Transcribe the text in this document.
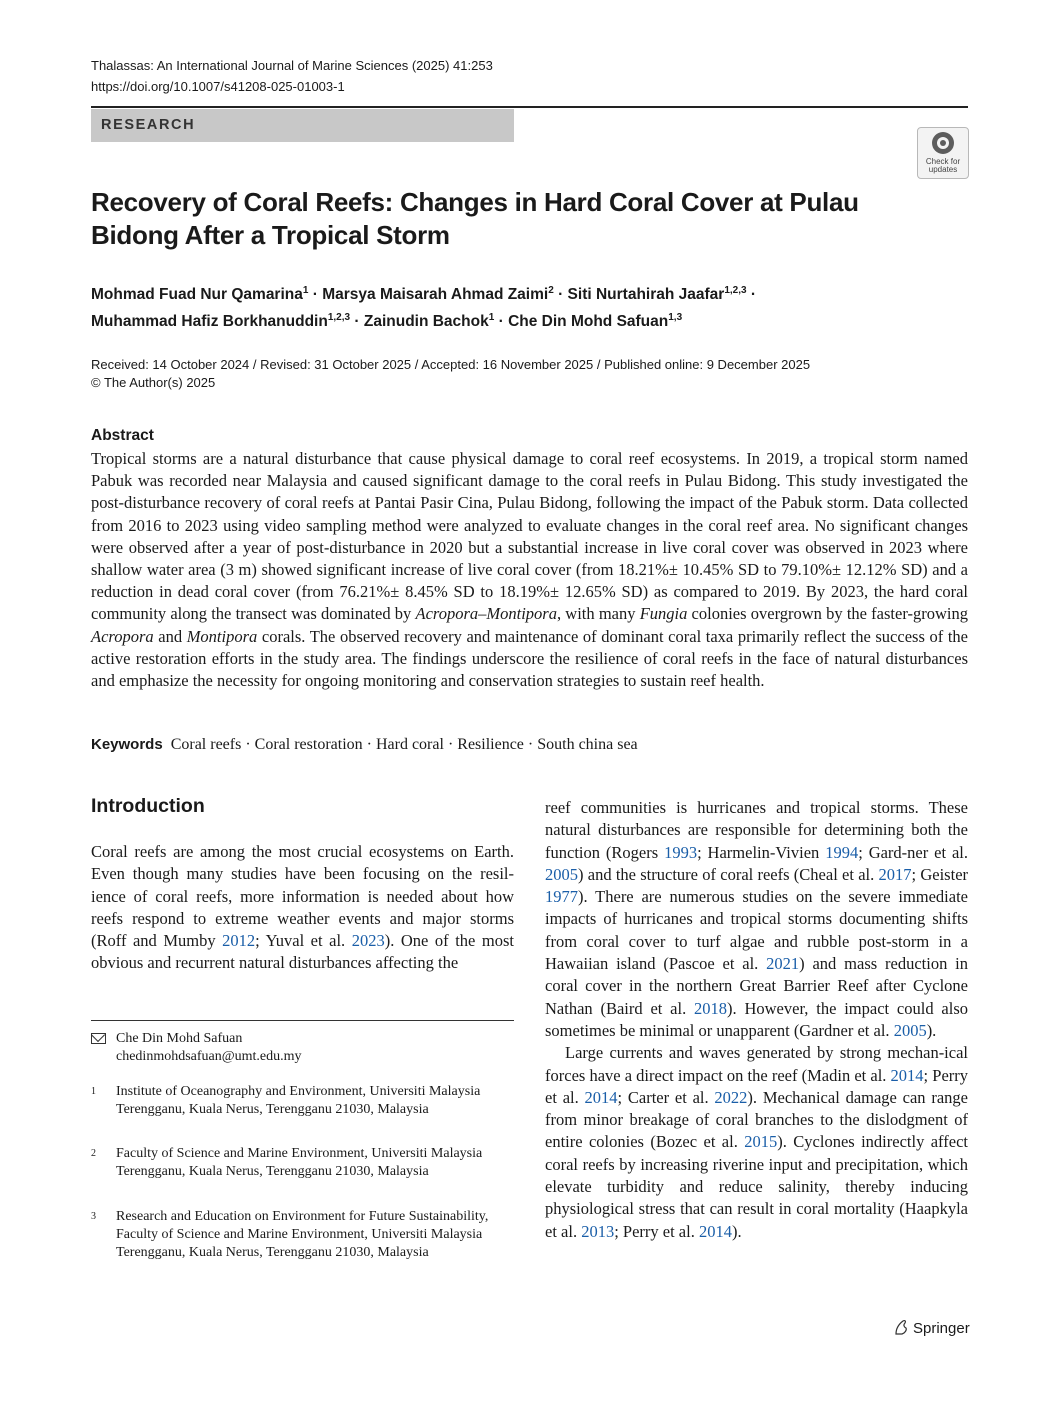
Thalassas: An International Journal of Marine Sciences (2025) 41:253
https://doi.org/10.1007/s41208-025-01003-1
RESEARCH
Check for updates
Recovery of Coral Reefs: Changes in Hard Coral Cover at Pulau Bidong After a Tropical Storm
Mohmad Fuad Nur Qamarina$^1$ · Marsya Maisarah Ahmad Zaimi$^2$ · Siti Nurtahirah Jaafar$^{1,2,3}$ ·
Muhammad Hafiz Borkhanuddin$^{1,2,3}$ · Zainudin Bachok$^1$ · Che Din Mohd Safuan$^{1,3}$
Received: 14 October 2024 / Revised: 31 October 2025 / Accepted: 16 November 2025 / Published online: 9 December 2025
© The Author(s) 2025
Abstract
Tropical storms are a natural disturbance that cause physical damage to coral reef ecosystems. In 2019, a tropical storm named Pabuk was recorded near Malaysia and caused significant damage to the coral reefs in Pulau Bidong. This study investigated the post-disturbance recovery of coral reefs at Pantai Pasir Cina, Pulau Bidong, following the impact of the Pabuk storm. Data collected from 2016 to 2023 using video sampling method were analyzed to evaluate changes in the coral reef area. No significant changes were observed after a year of post-disturbance in 2020 but a substantial increase in live coral cover was observed in 2023 where shallow water area (3 m) showed significant increase of live coral cover (from 18.21%± 10.45% SD to 79.10%± 12.12% SD) and a reduction in dead coral cover (from 76.21%± 8.45% SD to 18.19%± 12.65% SD) as compared to 2019. By 2023, the hard coral community along the transect was dominated by Acropora–Montipora, with many Fungia colonies overgrown by the faster-growing Acropora and Montipora corals. The observed recovery and maintenance of dominant coral taxa primarily reflect the success of the active restoration efforts in the study area. The findings underscore the resilience of coral reefs in the face of natural disturbances and emphasize the necessity for ongoing monitoring and conservation strategies to sustain reef health.
Keywords Coral reefs · Coral restoration · Hard coral · Resilience · South china sea
Introduction
Coral reefs are among the most crucial ecosystems on Earth. Even though many studies have been focusing on the resil-ience of coral reefs, more information is needed about how reefs respond to extreme weather events and major storms (Roff and Mumby 2012; Yuval et al. 2023). One of the most obvious and recurrent natural disturbances affecting the

reef communities is hurricanes and tropical storms. These natural disturbances are responsible for determining both the function (Rogers 1993; Harmelin-Vivien 1994; Gard-ner et al. 2005) and the structure of coral reefs (Cheal et al. 2017; Geister 1977). There are numerous studies on the severe immediate impacts of hurricanes and tropical storms documenting shifts from coral cover to turf algae and rubble post-storm in a Hawaiian island (Pascoe et al. 2021) and mass reduction in coral cover in the northern Great Barrier Reef after Cyclone Nathan (Baird et al. 2018). However, the impact could also sometimes be minimal or unapparent (Gardner et al. 2005).

Large currents and waves generated by strong mechan-ical forces have a direct impact on the reef (Madin et al. 2014; Perry et al. 2014; Carter et al. 2022). Mechanical damage can range from minor breakage of coral branches to the dislodgment of entire colonies (Bozec et al. 2015). Cyclones indirectly affect coral reefs by increasing riverine input and precipitation, which elevate turbidity and reduce salinity, thereby inducing physiological stress that can result in coral mortality (Haapkyla et al. 2013; Perry et al. 2014).

Che Din Mohd Safuan
chedinmohdsafuan@umt.edu.my
1 Institute of Oceanography and Environment, Universiti Malaysia Terengganu, Kuala Nerus, Terengganu 21030, Malaysia
2 Faculty of Science and Marine Environment, Universiti Malaysia Terengganu, Kuala Nerus, Terengganu 21030, Malaysia
3 Research and Education on Environment for Future Sustainability, Faculty of Science and Marine Environment, Universiti Malaysia Terengganu, Kuala Nerus, Terengganu 21030, Malaysia
Springer
